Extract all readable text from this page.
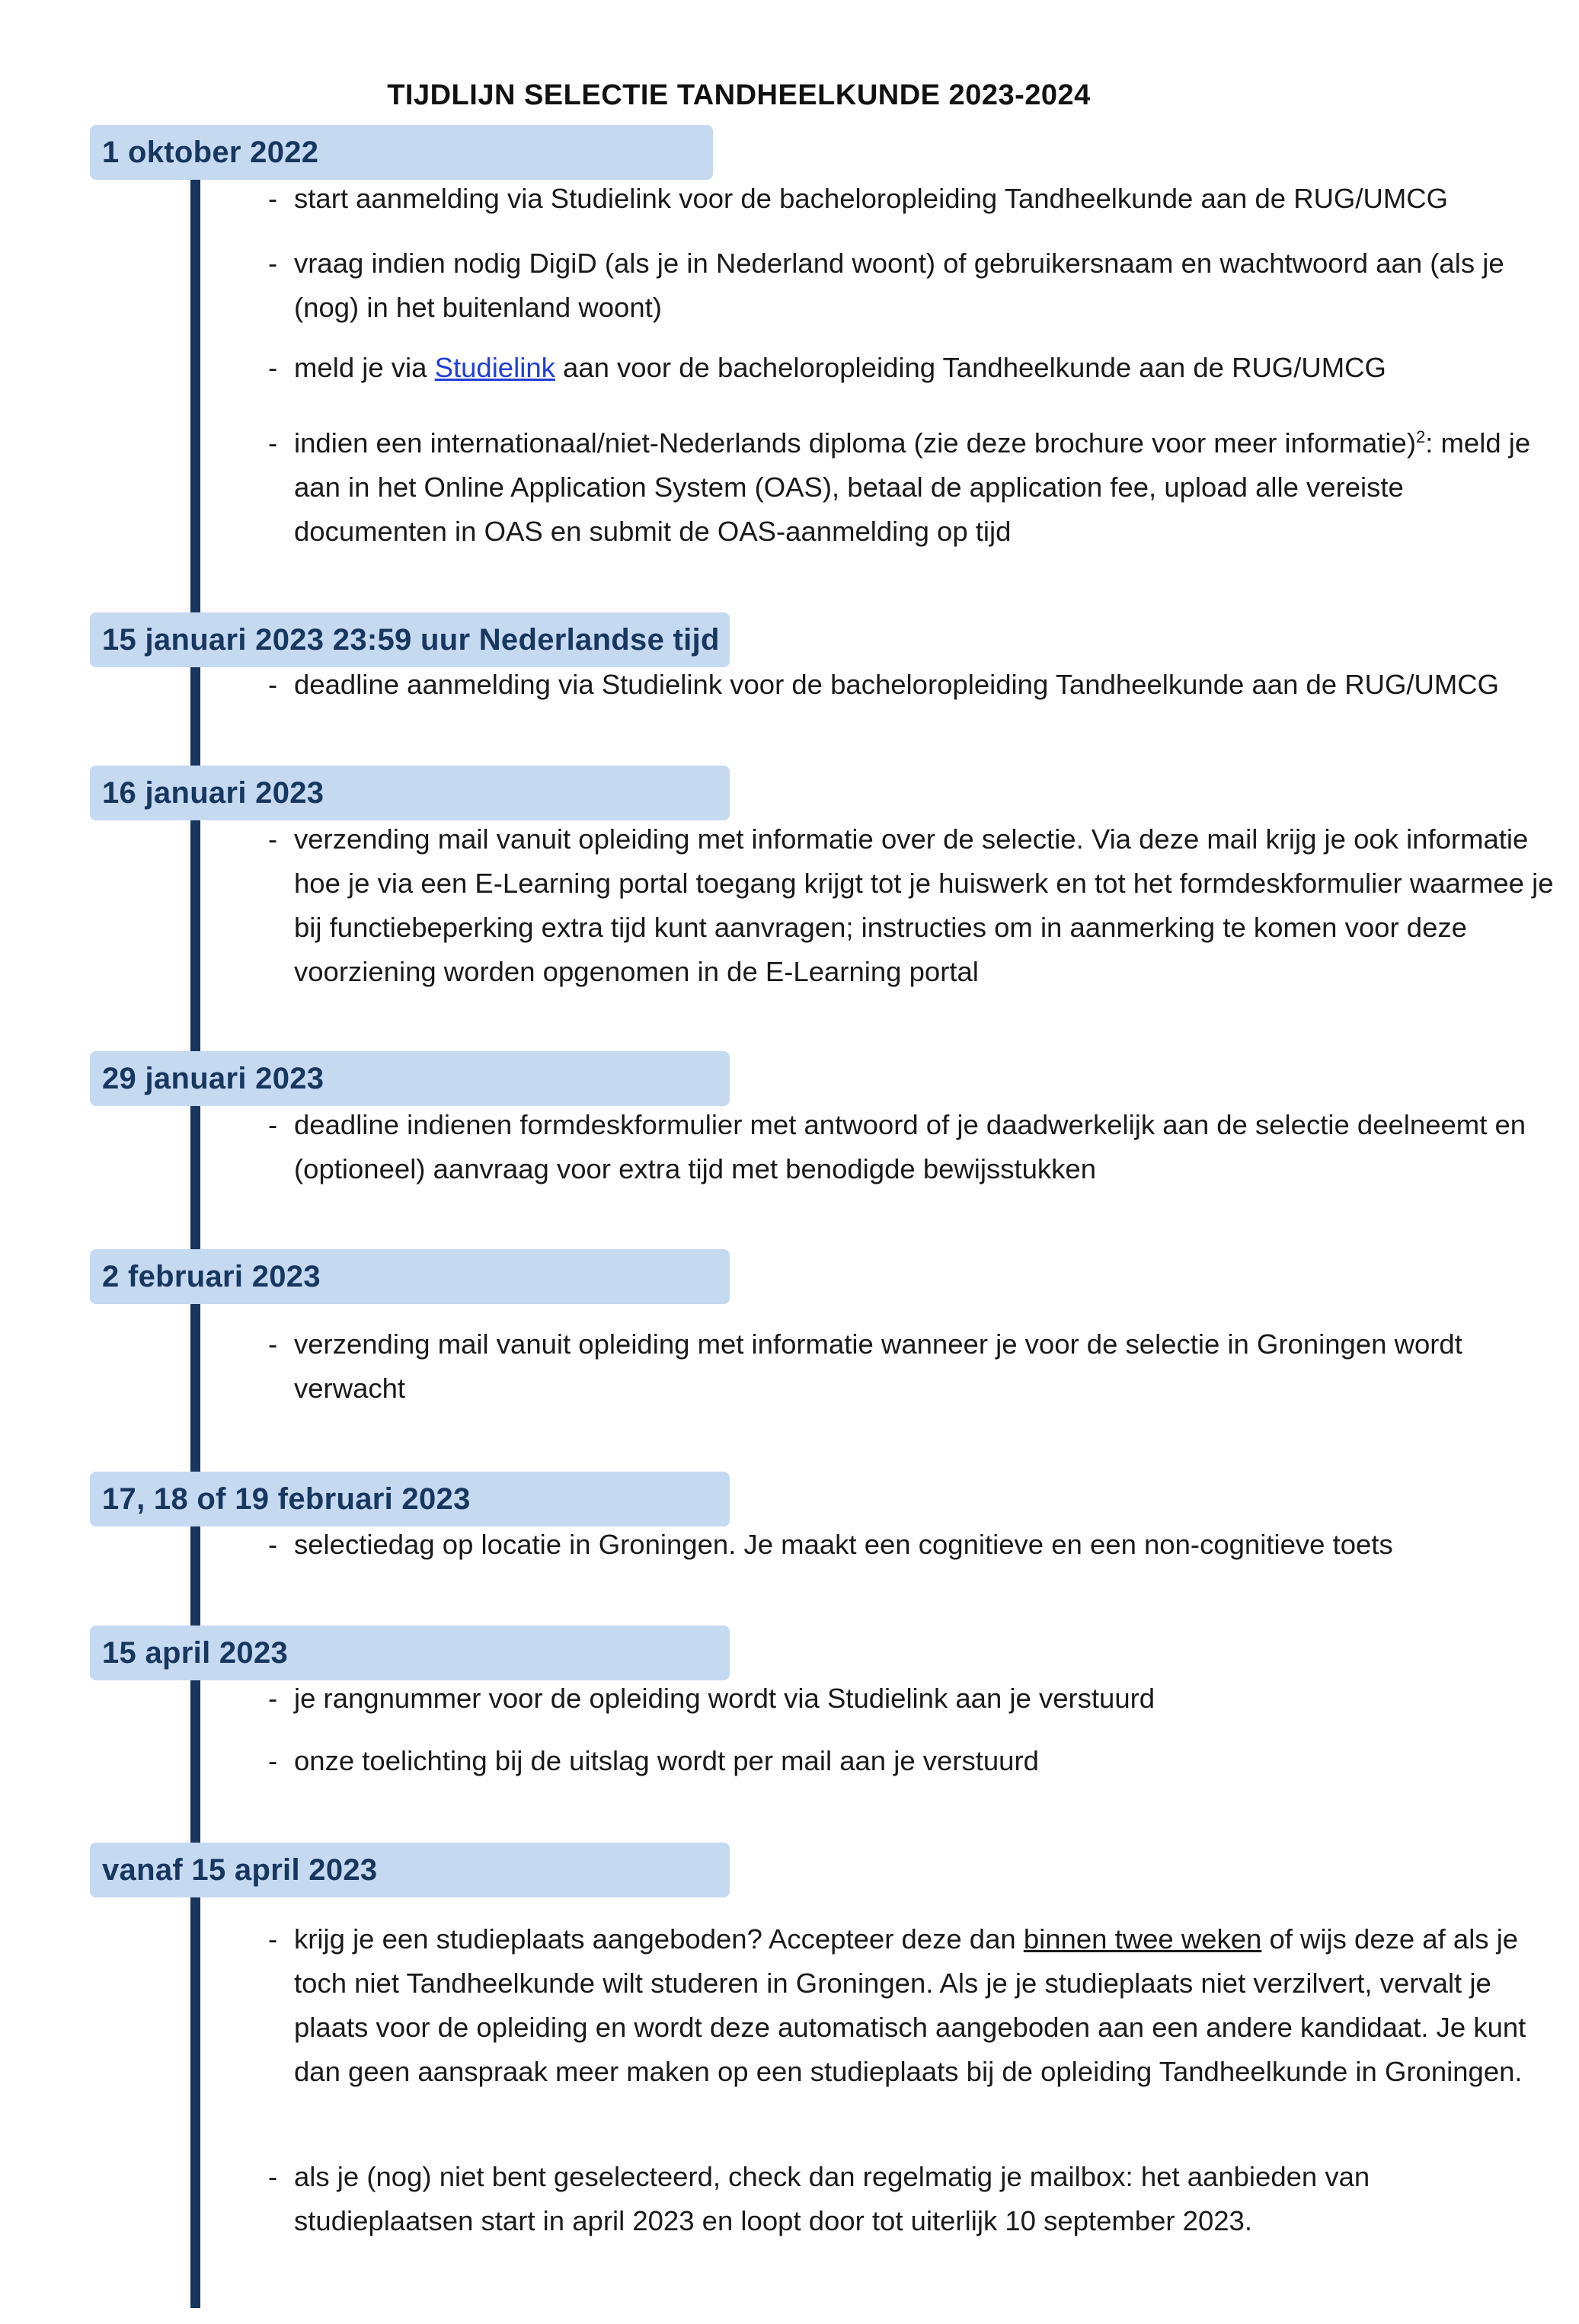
TIJDLIJN SELECTIE TANDHEELKUNDE 2023-2024
1 oktober 2022
- start aanmelding via Studielink voor de bacheloropleiding Tandheelkunde aan de RUG/UMCG
- vraag indien nodig DigiD (als je in Nederland woont) of gebruikersnaam en wachtwoord aan (als je (nog) in het buitenland woont)
- meld je via Studielink aan voor de bacheloropleiding Tandheelkunde aan de RUG/UMCG
- indien een internationaal/niet-Nederlands diploma (zie deze brochure voor meer informatie)$^2$: meld je aan in het Online Application System (OAS), betaal de application fee, upload alle vereiste documenten in OAS en submit de OAS-aanmelding op tijd
15 januari 2023 23:59 uur Nederlandse tijd
- deadline aanmelding via Studielink voor de bacheloropleiding Tandheelkunde aan de RUG/UMCG
16 januari 2023
- verzending mail vanuit opleiding met informatie over de selectie. Via deze mail krijg je ook informatie hoe je via een E-Learning portal toegang krijgt tot je huiswerk en tot het formdeskformulier waarmee je bij functiebeperking extra tijd kunt aanvragen; instructies om in aanmerking te komen voor deze voorziening worden opgenomen in de E-Learning portal
29 januari 2023
- deadline indienen formdeskformulier met antwoord of je daadwerkelijk aan de selectie deelneemt en (optioneel) aanvraag voor extra tijd met benodigde bewijsstukken
2 februari 2023
- verzending mail vanuit opleiding met informatie wanneer je voor de selectie in Groningen wordt verwacht
17, 18 of 19 februari 2023
- selectiedag op locatie in Groningen. Je maakt een cognitieve en een non-cognitieve toets
15 april 2023
- je rangnummer voor de opleiding wordt via Studielink aan je verstuurd
- onze toelichting bij de uitslag wordt per mail aan je verstuurd
vanaf 15 april 2023
- krijg je een studieplaats aangeboden? Accepteer deze dan binnen twee weken of wijs deze af als je toch niet Tandheelkunde wilt studeren in Groningen. Als je je studieplaats niet verzilvert, vervalt je plaats voor de opleiding en wordt deze automatisch aangeboden aan een andere kandidaat. Je kunt dan geen aanspraak meer maken op een studieplaats bij de opleiding Tandheelkunde in Groningen.
- als je (nog) niet bent geselecteerd, check dan regelmatig je mailbox: het aanbieden van studieplaatsen start in april 2023 en loopt door tot uiterlijk 10 september 2023.
